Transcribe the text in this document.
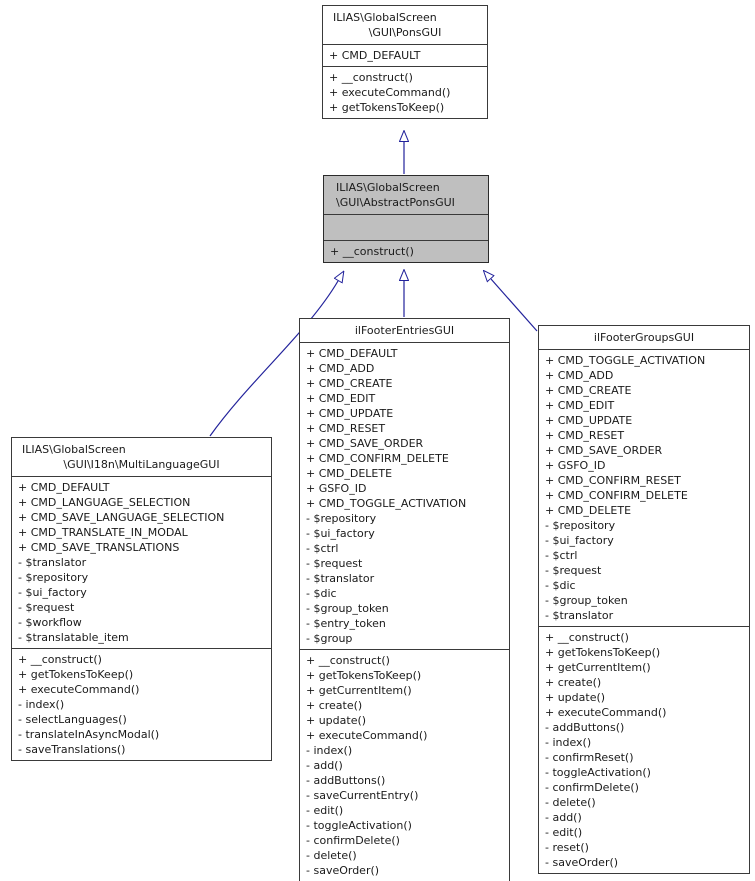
ILIAS\GlobalScreen
\GUI\PonsGUI
+ CMD_DEFAULT
+ __construct()
+ executeCommand()
+ getTokensToKeep()
ILIAS\GlobalScreen
\GUI\AbstractPonsGUI
+ __construct()
ILIAS\GlobalScreen
\GUI\I18n\MultiLanguageGUI
+ CMD_DEFAULT
+ CMD_LANGUAGE_SELECTION
+ CMD_SAVE_LANGUAGE_SELECTION
+ CMD_TRANSLATE_IN_MODAL
+ CMD_SAVE_TRANSLATIONS
- $translator
- $repository
- $ui_factory
- $request
- $workflow
- $translatable_item
+ __construct()
+ getTokensToKeep()
+ executeCommand()
- index()
- selectLanguages()
- translateInAsyncModal()
- saveTranslations()
ilFooterEntriesGUI
+ CMD_DEFAULT
+ CMD_ADD
+ CMD_CREATE
+ CMD_EDIT
+ CMD_UPDATE
+ CMD_RESET
+ CMD_SAVE_ORDER
+ CMD_CONFIRM_DELETE
+ CMD_DELETE
+ GSFO_ID
+ CMD_TOGGLE_ACTIVATION
- $repository
- $ui_factory
- $ctrl
- $request
- $translator
- $dic
- $group_token
- $entry_token
- $group
+ __construct()
+ getTokensToKeep()
+ getCurrentItem()
+ create()
+ update()
+ executeCommand()
- index()
- add()
- addButtons()
- saveCurrentEntry()
- edit()
- toggleActivation()
- confirmDelete()
- delete()
- saveOrder()
ilFooterGroupsGUI
+ CMD_TOGGLE_ACTIVATION
+ CMD_ADD
+ CMD_CREATE
+ CMD_EDIT
+ CMD_UPDATE
+ CMD_RESET
+ CMD_SAVE_ORDER
+ GSFO_ID
+ CMD_CONFIRM_RESET
+ CMD_CONFIRM_DELETE
+ CMD_DELETE
- $repository
- $ui_factory
- $ctrl
- $request
- $dic
- $group_token
- $translator
+ __construct()
+ getTokensToKeep()
+ getCurrentItem()
+ create()
+ update()
+ executeCommand()
- addButtons()
- index()
- confirmReset()
- toggleActivation()
- confirmDelete()
- delete()
- add()
- edit()
- reset()
- saveOrder()
